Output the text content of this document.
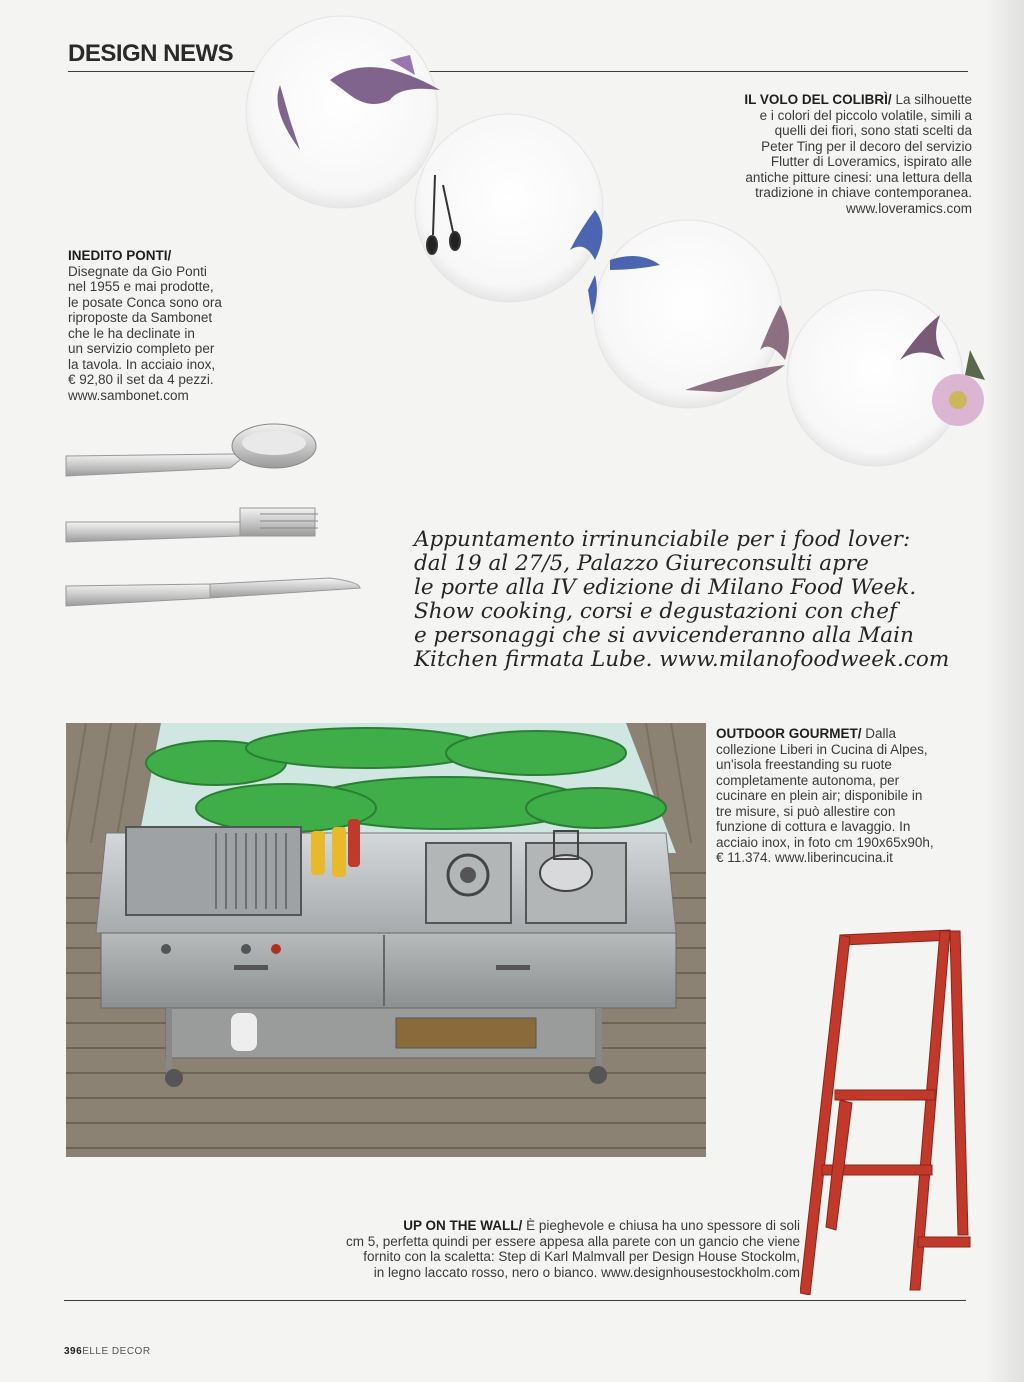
DESIGN NEWS
IL VOLO DEL COLIBRÌ/ La silhouette
e i colori del piccolo volatile, simili a
quelli dei fiori, sono stati scelti da
Peter Ting per il decoro del servizio
Flutter di Loveramics, ispirato alle
antiche pitture cinesi: una lettura della
tradizione in chiave contemporanea.
www.loveramics.com
INEDITO PONTI/
Disegnate da Gio Ponti
nel 1955 e mai prodotte,
le posate Conca sono ora
riproposte da Sambonet
che le ha declinate in
un servizio completo per
la tavola. In acciaio inox,
€ 92,80 il set da 4 pezzi.
www.sambonet.com

Appuntamento irrinunciabile per i food lover:
dal 19 al 27/5, Palazzo Giureconsulti apre
le porte alla IV edizione di Milano Food Week.
Show cooking, corsi e degustazioni con chef
e personaggi che si avvicenderanno alla Main
Kitchen firmata Lube. www.milanofoodweek.com

OUTDOOR GOURMET/ Dalla
collezione Liberi in Cucina di Alpes,
un'isola freestanding su ruote
completamente autonoma, per
cucinare en plein air; disponibile in
tre misure, si può allestire con
funzione di cottura e lavaggio. In
acciaio inox, in foto cm 190x65x90h,
€ 11.374. www.liberincucina.it
UP ON THE WALL/ È pieghevole e chiusa ha uno spessore di soli
cm 5, perfetta quindi per essere appesa alla parete con un gancio che viene
fornito con la scaletta: Step di Karl Malmvall per Design House Stockolm,
in legno laccato rosso, nero o bianco. www.designhousestockholm.com
396ELLE DECOR
